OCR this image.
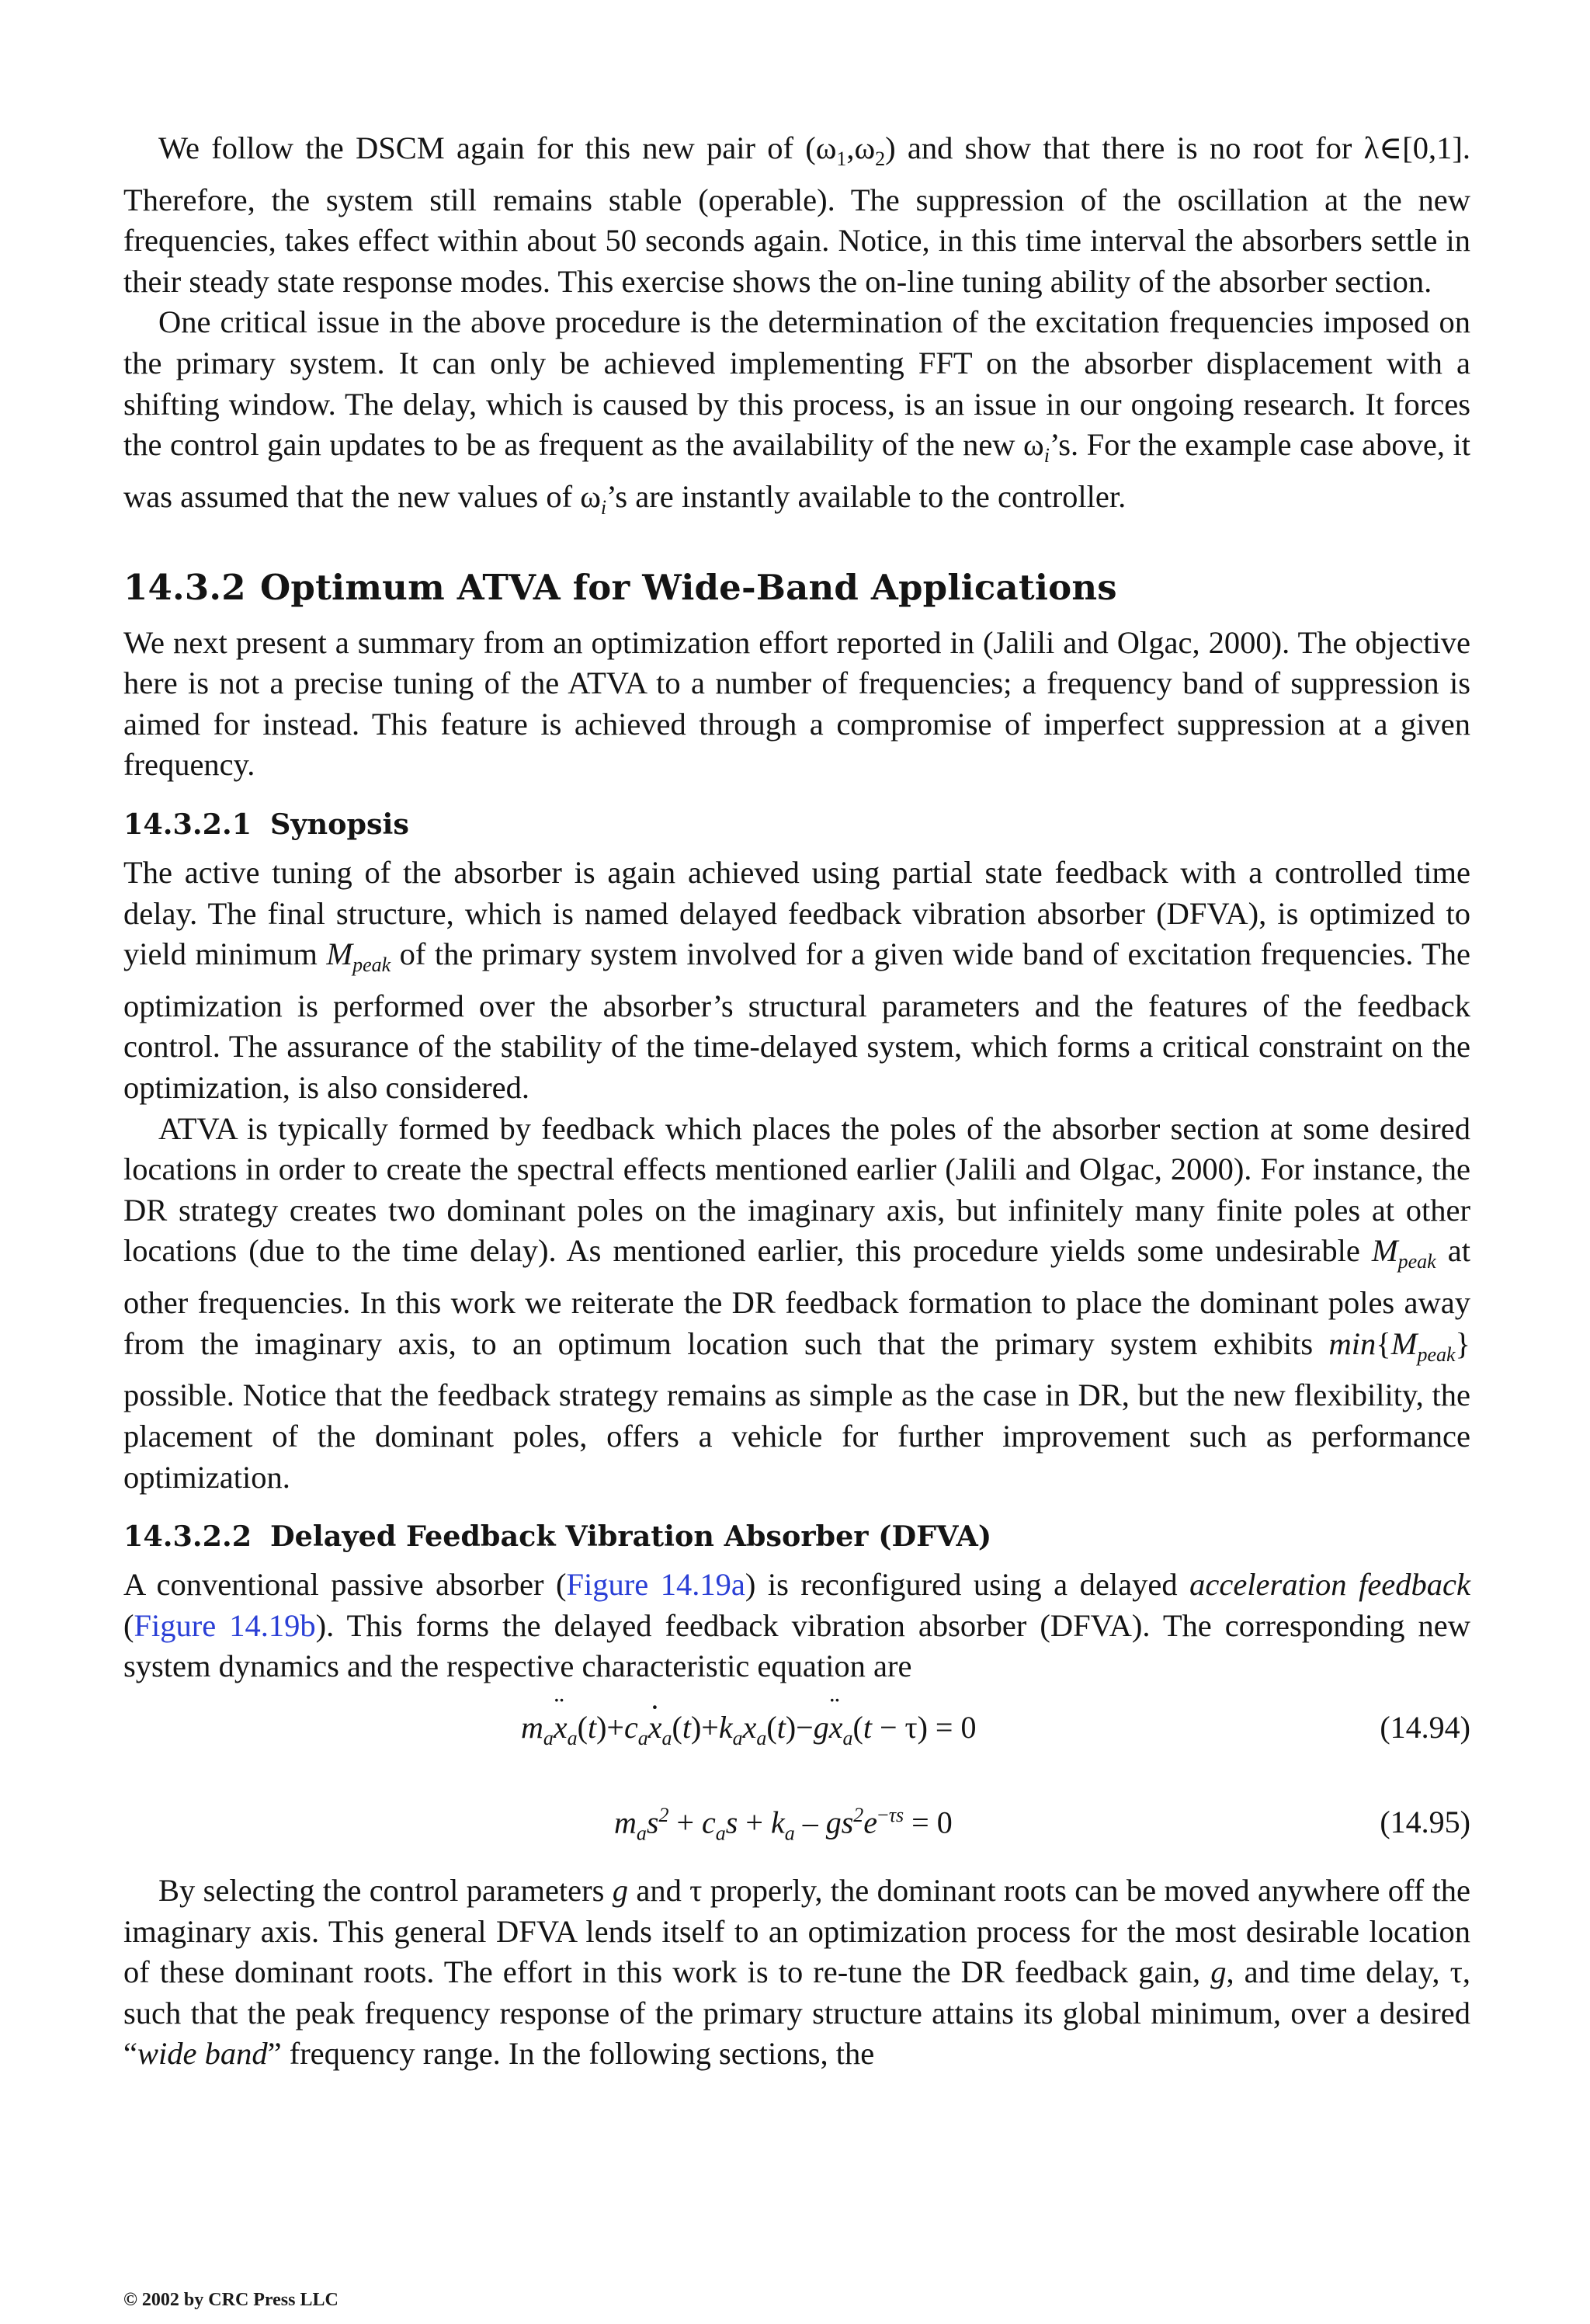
We follow the DSCM again for this new pair of $(\omega_1,\omega_2)$ and show that there is no root for λ∈[0,1]. Therefore, the system still remains stable (operable). The suppression of the oscillation at the new frequencies, takes effect within about 50 seconds again. Notice, in this time interval the absorbers settle in their steady state response modes. This exercise shows the on-line tuning ability of the absorber section.

One critical issue in the above procedure is the determination of the excitation frequencies imposed on the primary system. It can only be achieved implementing FFT on the absorber displacement with a shifting window. The delay, which is caused by this process, is an issue in our ongoing research. It forces the control gain updates to be as frequent as the availability of the new $\omega_i’s$. For the example case above, it was assumed that the new values of $\omega_i’s$ are instantly available to the controller.

14.3.2 Optimum ATVA for Wide-Band Applications

We next present a summary from an optimization effort reported in (Jalili and Olgac, 2000). The objective here is not a precise tuning of the ATVA to a number of frequencies; a frequency band of suppression is aimed for instead. This feature is achieved through a compromise of imperfect suppression at a given frequency.

14.3.2.1 Synopsis

The active tuning of the absorber is again achieved using partial state feedback with a controlled time delay. The final structure, which is named delayed feedback vibration absorber (DFVA), is optimized to yield minimum $M_{peak}$ of the primary system involved for a given wide band of excitation frequencies. The optimization is performed over the absorber’s structural parameters and the features of the feedback control. The assurance of the stability of the time-delayed system, which forms a critical constraint on the optimization, is also considered.

ATVA is typically formed by feedback which places the poles of the absorber section at some desired locations in order to create the spectral effects mentioned earlier (Jalili and Olgac, 2000). For instance, the DR strategy creates two dominant poles on the imaginary axis, but infinitely many finite poles at other locations (due to the time delay). As mentioned earlier, this procedure yields some undesirable $M_{peak}$ at other frequencies. In this work we reiterate the DR feedback formation to place the dominant poles away from the imaginary axis, to an optimum location such that the primary system exhibits $\min\{M_{peak}\}$ possible. Notice that the feedback strategy remains as simple as the case in DR, but the new flexibility, the placement of the dominant poles, offers a vehicle for further improvement such as performance optimization.

14.3.2.2 Delayed Feedback Vibration Absorber (DFVA)

A conventional passive absorber (Figure 14.19a) is reconfigured using a delayed acceleration feedback (Figure 14.19b). This forms the delayed feedback vibration absorber (DFVA). The corresponding new system dynamics and the respective characteristic equation are

$m_ax$ $¨_a(t)+c_ax \cdot_a(t)+k_ax_a(t)-gx$ $¨_a(t - \tau) = 0$	(14.94)
$m_as^2 + c_as + k_a - gs^2e^{-\tau s} = 0$	(14.95)

By selecting the control parameters g and τ properly, the dominant roots can be moved anywhere off the imaginary axis. This general DFVA lends itself to an optimization process for the most desirable location of these dominant roots. The effort in this work is to re-tune the DR feedback gain, g, and time delay, τ, such that the peak frequency response of the primary structure attains its global minimum, over a desired “wide band” frequency range. In the following sections, the

© 2002 by CRC Press LLC
